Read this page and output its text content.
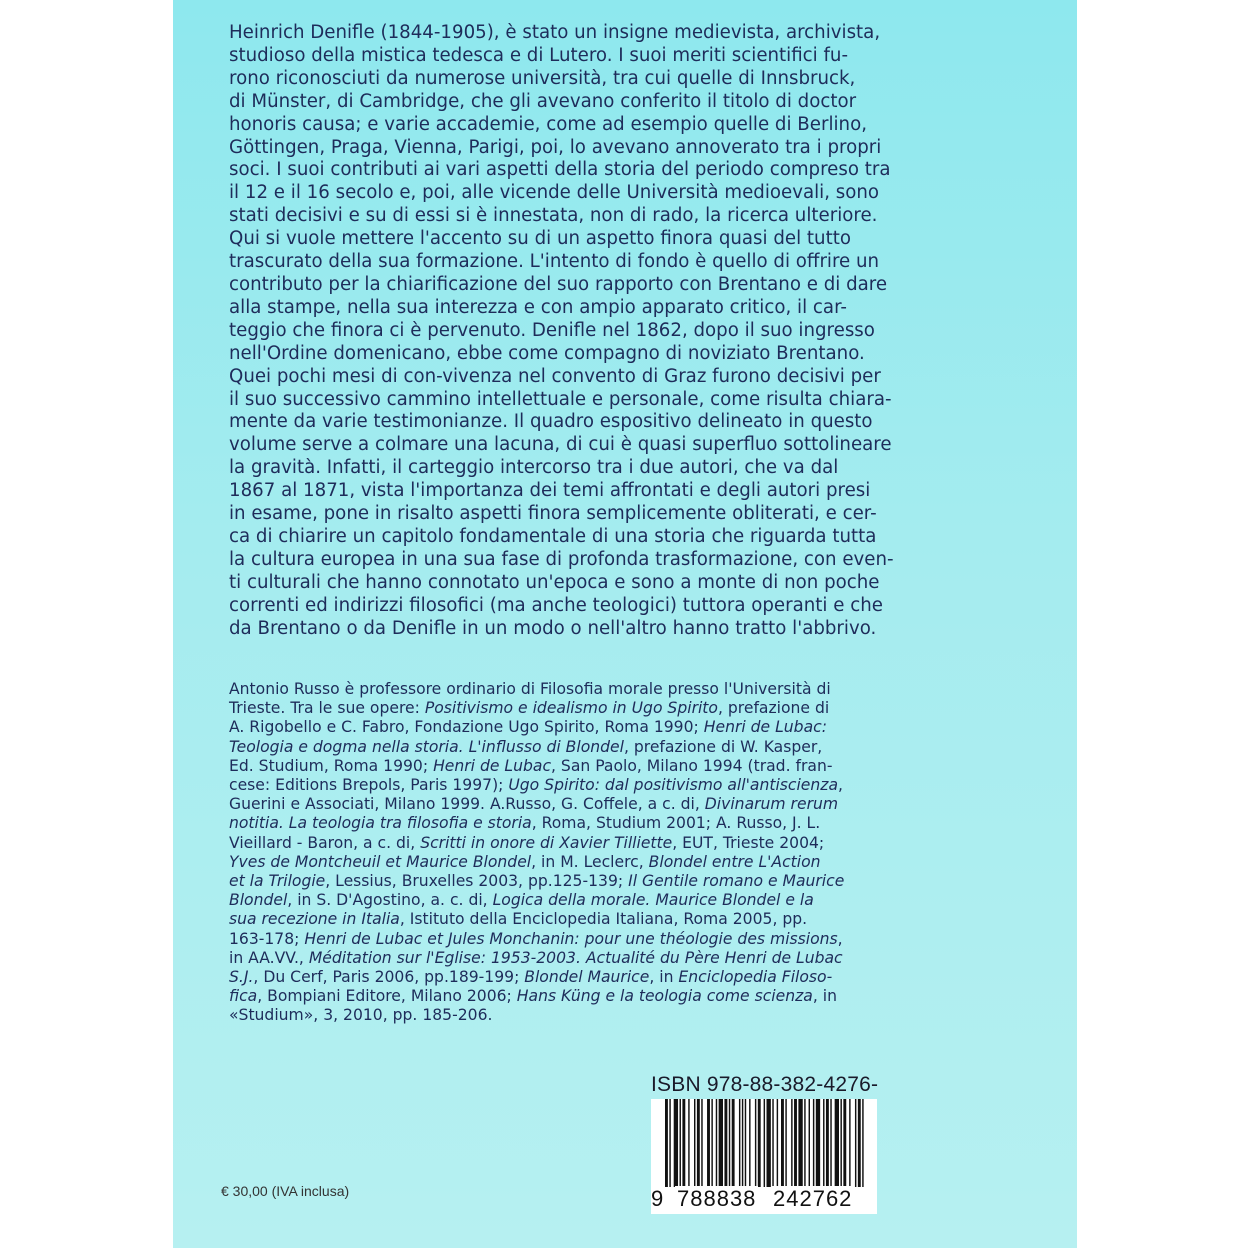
Heinrich Denifle (1844-1905), è stato un insigne medievista, archivista,
studioso della mistica tedesca e di Lutero. I suoi meriti scientifici fu-
rono riconosciuti da numerose università, tra cui quelle di Innsbruck,
di Münster, di Cambridge, che gli avevano conferito il titolo di doctor
honoris causa; e varie accademie, come ad esempio quelle di Berlino,
Göttingen, Praga, Vienna, Parigi, poi, lo avevano annoverato tra i propri
soci. I suoi contributi ai vari aspetti della storia del periodo compreso tra
il 12 e il 16 secolo e, poi, alle vicende delle Università medioevali, sono
stati decisivi e su di essi si è innestata, non di rado, la ricerca ulteriore.
Qui si vuole mettere l'accento su di un aspetto finora quasi del tutto
trascurato della sua formazione. L'intento di fondo è quello di offrire un
contributo per la chiarificazione del suo rapporto con Brentano e di dare
alla stampe, nella sua interezza e con ampio apparato critico, il car-
teggio che finora ci è pervenuto. Denifle nel 1862, dopo il suo ingresso
nell'Ordine domenicano, ebbe come compagno di noviziato Brentano.
Quei pochi mesi di con-vivenza nel convento di Graz furono decisivi per
il suo successivo cammino intellettuale e personale, come risulta chiara-
mente da varie testimonianze. Il quadro espositivo delineato in questo
volume serve a colmare una lacuna, di cui è quasi superfluo sottolineare
la gravità. Infatti, il carteggio intercorso tra i due autori, che va dal
1867 al 1871, vista l'importanza dei temi affrontati e degli autori presi
in esame, pone in risalto aspetti finora semplicemente obliterati, e cer-
ca di chiarire un capitolo fondamentale di una storia che riguarda tutta
la cultura europea in una sua fase di profonda trasformazione, con even-
ti culturali che hanno connotato un'epoca e sono a monte di non poche
correnti ed indirizzi filosofici (ma anche teologici) tuttora operanti e che
da Brentano o da Denifle in un modo o nell'altro hanno tratto l'abbrivo.
Antonio Russo è professore ordinario di Filosofia morale presso l'Università di
Trieste. Tra le sue opere: Positivismo e idealismo in Ugo Spirito, prefazione di
A. Rigobello e C. Fabro, Fondazione Ugo Spirito, Roma 1990; Henri de Lubac:
Teologia e dogma nella storia. L'influsso di Blondel, prefazione di W. Kasper,
Ed. Studium, Roma 1990; Henri de Lubac, San Paolo, Milano 1994 (trad. fran-
cese: Editions Brepols, Paris 1997); Ugo Spirito: dal positivismo all'antiscienza,
Guerini e Associati, Milano 1999. A.Russo, G. Coffele, a c. di, Divinarum rerum
notitia. La teologia tra filosofia e storia, Roma, Studium 2001; A. Russo, J. L.
Vieillard - Baron, a c. di, Scritti in onore di Xavier Tilliette, EUT, Trieste 2004;
Yves de Montcheuil et Maurice Blondel, in M. Leclerc, Blondel entre L'Action
et la Trilogie, Lessius, Bruxelles 2003, pp.125-139; Il Gentile romano e Maurice
Blondel, in S. D'Agostino, a. c. di, Logica della morale. Maurice Blondel e la
sua recezione in Italia, Istituto della Enciclopedia Italiana, Roma 2005, pp.
163-178; Henri de Lubac et Jules Monchanin: pour une théologie des missions,
in AA.VV., Méditation sur l'Eglise: 1953-2003. Actualité du Père Henri de Lubac
S.J., Du Cerf, Paris 2006, pp.189-199; Blondel Maurice, in Enciclopedia Filoso-
fica, Bompiani Editore, Milano 2006; Hans Küng e la teologia come scienza, in
«Studium», 3, 2010, pp. 185-206.
ISBN 978-88-382-4276-
9 788838 242762
€ 30,00 (IVA inclusa)
